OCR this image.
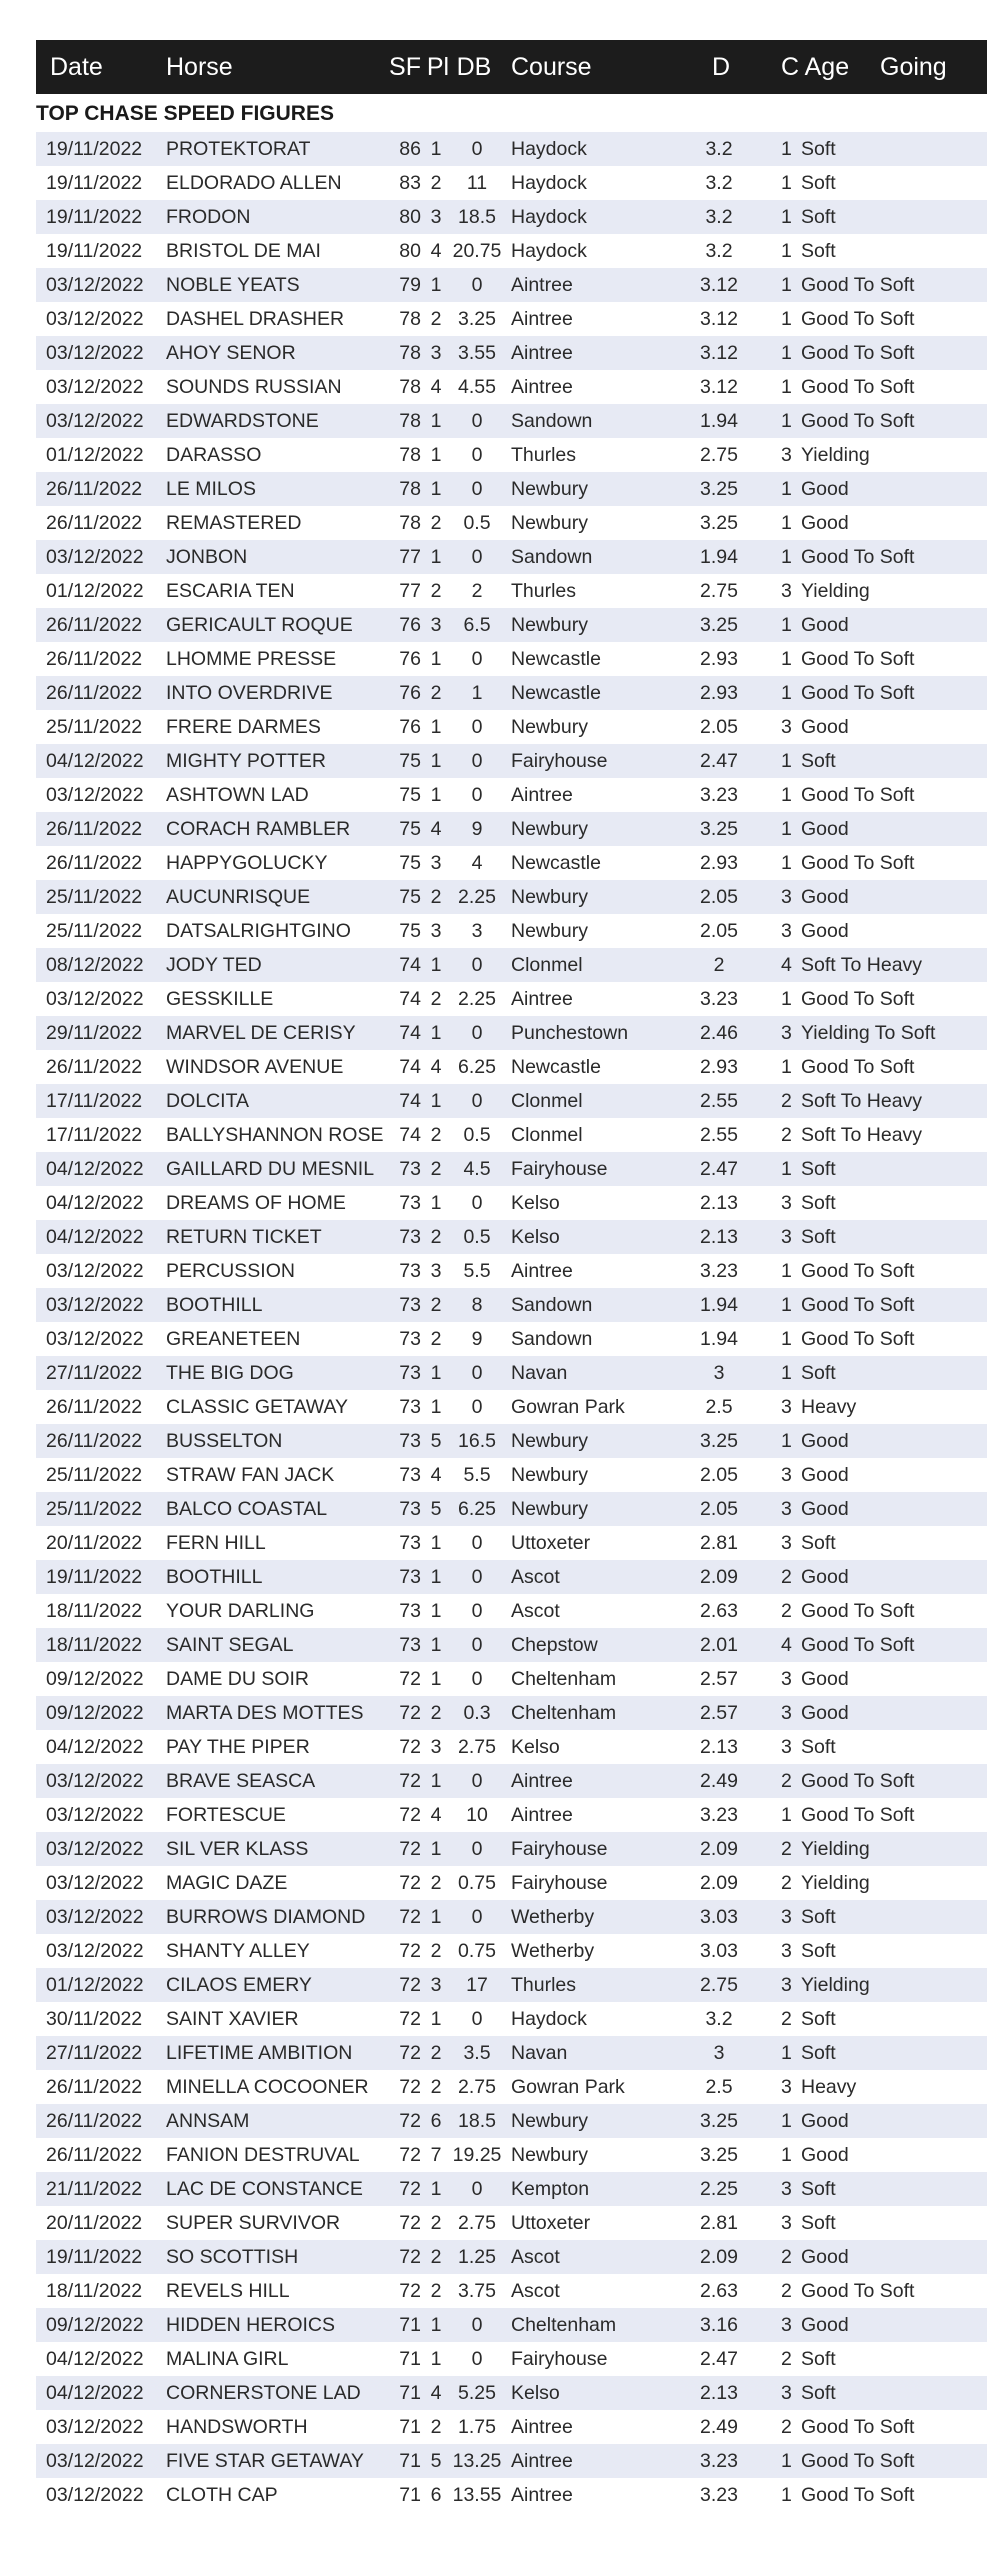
Date	Horse	SF Pl DB Course	D	C Age Going
TOP CHASE SPEED FIGURES
19/11/2022 PROTEKTORAT	86 1	0	Haydock	3.2	1 Soft
19/11/2022 ELDORADO ALLEN	83 2	11	Haydock	3.2	1 Soft
19/11/2022 FRODON	80 3 18.5 Haydock	3.2	1 Soft
19/11/2022 BRISTOL DE MAI	80 4 20.75 Haydock	3.2	1 Soft
03/12/2022 NOBLE YEATS	79 1	0	Aintree	3.12	1 Good To Soft
03/12/2022 DASHEL DRASHER	78 2 3.25 Aintree	3.12	1 Good To Soft
03/12/2022 AHOY SENOR	78 3 3.55 Aintree	3.12	1 Good To Soft
03/12/2022 SOUNDS RUSSIAN	78 4 4.55 Aintree	3.12	1 Good To Soft
03/12/2022 EDWARDSTONE	78 1	0	Sandown	1.94	1 Good To Soft
01/12/2022 DARASSO	78 1	0	Thurles	2.75	3 Yielding
26/11/2022 LE MILOS	78 1	0	Newbury	3.25	1 Good
26/11/2022 REMASTERED	78 2	0.5	Newbury	3.25	1 Good
03/12/2022 JONBON	77 1	0	Sandown	1.94	1 Good To Soft
01/12/2022 ESCARIA TEN	77 2	2	Thurles	2.75	3 Yielding
26/11/2022 GERICAULT ROQUE	76 3	6.5	Newbury	3.25	1 Good
26/11/2022 LHOMME PRESSE	76 1	0	Newcastle	2.93	1 Good To Soft
26/11/2022 INTO OVERDRIVE	76 2	1	Newcastle	2.93	1 Good To Soft
25/11/2022 FRERE DARMES	76 1	0	Newbury	2.05	3 Good
04/12/2022 MIGHTY POTTER	75 1	0	Fairyhouse	2.47	1 Soft
03/12/2022 ASHTOWN LAD	75 1	0	Aintree	3.23	1 Good To Soft
26/11/2022 CORACH RAMBLER	75 4	9	Newbury	3.25	1 Good
26/11/2022 HAPPYGOLUCKY	75 3	4	Newcastle	2.93	1 Good To Soft
25/11/2022 AUCUNRISQUE	75 2 2.25 Newbury	2.05	3 Good
25/11/2022 DATSALRIGHTGINO	75 3	3	Newbury	2.05	3 Good
08/12/2022 JODY TED	74 1	0	Clonmel	2	4 Soft To Heavy
03/12/2022 GESSKILLE	74 2 2.25 Aintree	3.23	1 Good To Soft
29/11/2022 MARVEL DE CERISY	74 1	0	Punchestown	2.46	3 Yielding To Soft
26/11/2022 WINDSOR AVENUE	74 4 6.25 Newcastle	2.93	1 Good To Soft
17/11/2022 DOLCITA	74 1	0	Clonmel	2.55	2 Soft To Heavy
17/11/2022 BALLYSHANNON ROSE 74 2	0.5	Clonmel	2.55	2 Soft To Heavy
04/12/2022 GAILLARD DU MESNIL	73 2	4.5	Fairyhouse	2.47	1 Soft
04/12/2022 DREAMS OF HOME	73 1	0	Kelso	2.13	3 Soft
04/12/2022 RETURN TICKET	73 2	0.5	Kelso	2.13	3 Soft
03/12/2022 PERCUSSION	73 3	5.5	Aintree	3.23	1 Good To Soft
03/12/2022 BOOTHILL	73 2	8	Sandown	1.94	1 Good To Soft
03/12/2022 GREANETEEN	73 2	9	Sandown	1.94	1 Good To Soft
27/11/2022 THE BIG DOG	73 1	0	Navan	3	1 Soft
26/11/2022 CLASSIC GETAWAY	73 1	0	Gowran Park	2.5	3 Heavy
26/11/2022 BUSSELTON	73 5 16.5 Newbury	3.25	1 Good
25/11/2022 STRAW FAN JACK	73 4	5.5	Newbury	2.05	3 Good
25/11/2022 BALCO COASTAL	73 5 6.25 Newbury	2.05	3 Good
20/11/2022 FERN HILL	73 1	0	Uttoxeter	2.81	3 Soft
19/11/2022 BOOTHILL	73 1	0	Ascot	2.09	2 Good
18/11/2022 YOUR DARLING	73 1	0	Ascot	2.63	2 Good To Soft
18/11/2022 SAINT SEGAL	73 1	0	Chepstow	2.01	4 Good To Soft
09/12/2022 DAME DU SOIR	72 1	0	Cheltenham	2.57	3 Good
09/12/2022 MARTA DES MOTTES	72 2	0.3	Cheltenham	2.57	3 Good
04/12/2022 PAY THE PIPER	72 3 2.75 Kelso	2.13	3 Soft
03/12/2022 BRAVE SEASCA	72 1	0	Aintree	2.49	2 Good To Soft
03/12/2022 FORTESCUE	72 4	10	Aintree	3.23	1 Good To Soft
03/12/2022 SIL VER KLASS	72 1	0	Fairyhouse	2.09	2 Yielding
03/12/2022 MAGIC DAZE	72 2 0.75 Fairyhouse	2.09	2 Yielding
03/12/2022 BURROWS DIAMOND	72 1	0	Wetherby	3.03	3 Soft
03/12/2022 SHANTY ALLEY	72 2 0.75 Wetherby	3.03	3 Soft
01/12/2022 CILAOS EMERY	72 3	17	Thurles	2.75	3 Yielding
30/11/2022 SAINT XAVIER	72 1	0	Haydock	3.2	2 Soft
27/11/2022 LIFETIME AMBITION	72 2	3.5	Navan	3	1 Soft
26/11/2022 MINELLA COCOONER	72 2 2.75 Gowran Park	2.5	3 Heavy
26/11/2022 ANNSAM	72 6 18.5 Newbury	3.25	1 Good
26/11/2022 FANION DESTRUVAL	72 7 19.25 Newbury	3.25	1 Good
21/11/2022 LAC DE CONSTANCE	72 1	0	Kempton	2.25	3 Soft
20/11/2022 SUPER SURVIVOR	72 2 2.75 Uttoxeter	2.81	3 Soft
19/11/2022 SO SCOTTISH	72 2 1.25 Ascot	2.09	2 Good
18/11/2022 REVELS HILL	72 2 3.75 Ascot	2.63	2 Good To Soft
09/12/2022 HIDDEN HEROICS	71 1	0	Cheltenham	3.16	3 Good
04/12/2022 MALINA GIRL	71 1	0	Fairyhouse	2.47	2 Soft
04/12/2022 CORNERSTONE LAD	71 4 5.25 Kelso	2.13	3 Soft
03/12/2022 HANDSWORTH	71 2 1.75 Aintree	2.49	2 Good To Soft
03/12/2022 FIVE STAR GETAWAY	71 5 13.25 Aintree	3.23	1 Good To Soft
03/12/2022 CLOTH CAP	71 6 13.55 Aintree	3.23	1 Good To Soft
